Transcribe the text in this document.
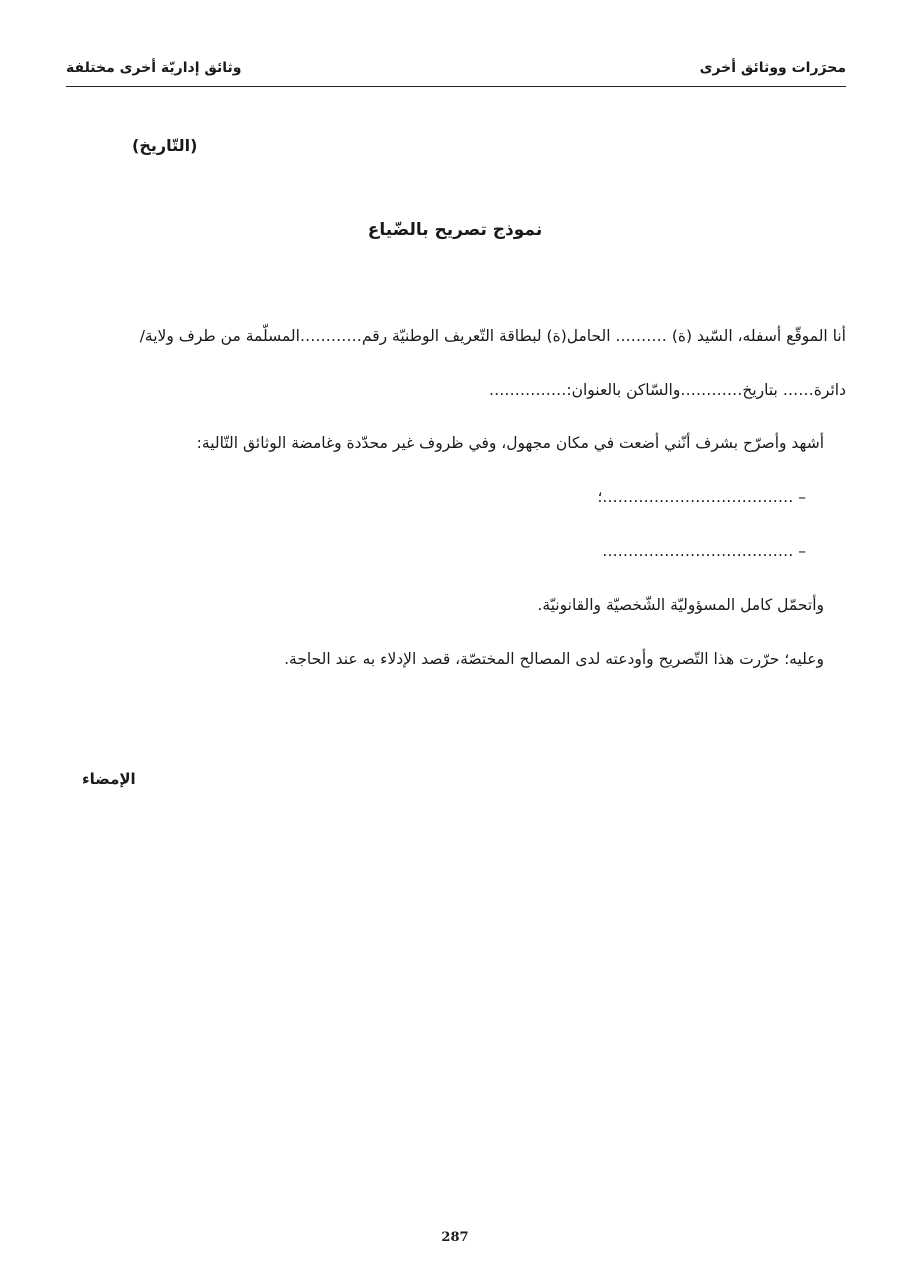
محرَرات ووثائق أخرى
وثائق إداريّة أخرى مختلفة
(التّاريخ)
نموذج تصريح بالضّياع
أنا الموقّع أسفله، السّيد (ة) ………. الحامل(ة) لبطاقة التّعريف الوطنيّة رقم…………المسلّمة من طرف ولاية/
دائرة…… بتاريخ…………والسّاكن بالعنوان:……………
أشهد وأصرّح بشرف أنّني أضعت في مكان مجهول، وفي ظروف غير محدّدة وغامضة الوثائق التّالية:
– ……………………………….؛
– ……………………………….
وأتحمّل كامل المسؤوليّة الشّخصيّة والقانونيّة.
وعليه؛ حرّرت هذا التّصريح وأودعته لدى المصالح المختصّة، قصد الإدلاء به عند الحاجة.
الإمضاء
287
